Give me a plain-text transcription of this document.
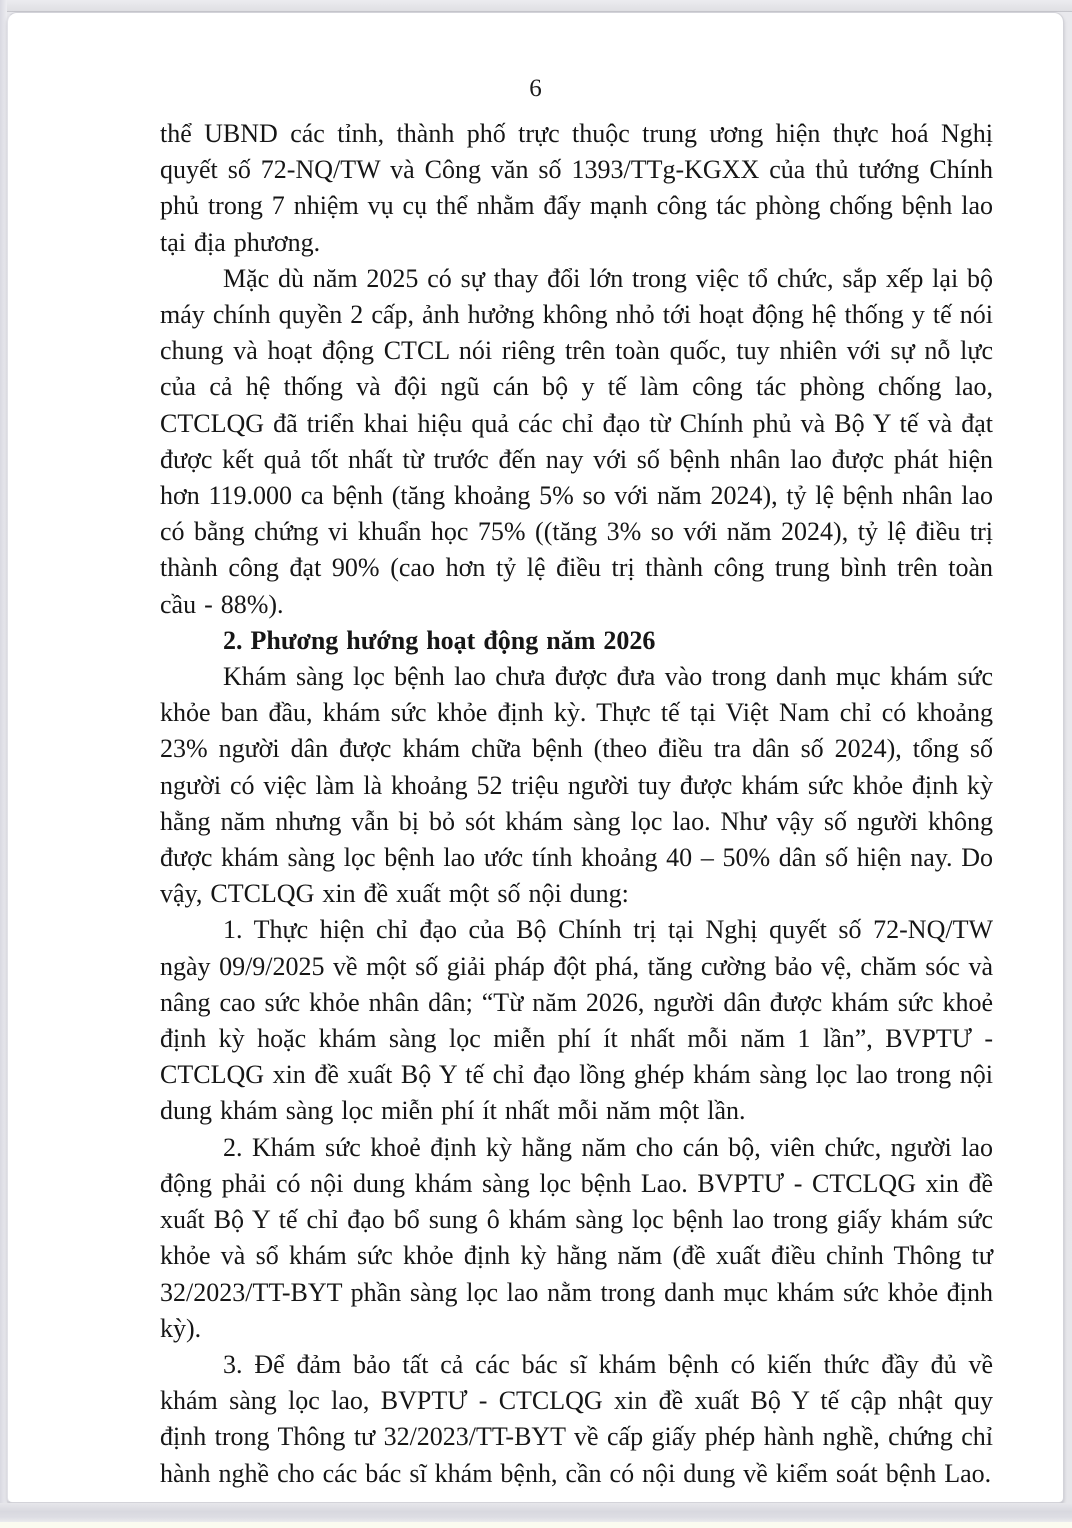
6

thể UBND các tỉnh, thành phố trực thuộc trung ương hiện thực hoá Nghị quyết số 72-NQ/TW và Công văn số 1393/TTg-KGXX của thủ tướng Chính phủ trong 7 nhiệm vụ cụ thể nhằm đẩy mạnh công tác phòng chống bệnh lao tại địa phương.

Mặc dù năm 2025 có sự thay đổi lớn trong việc tổ chức, sắp xếp lại bộ máy chính quyền 2 cấp, ảnh hưởng không nhỏ tới hoạt động hệ thống y tế nói chung và hoạt động CTCL nói riêng trên toàn quốc, tuy nhiên với sự nỗ lực của cả hệ thống và đội ngũ cán bộ y tế làm công tác phòng chống lao, CTCLQG đã triển khai hiệu quả các chỉ đạo từ Chính phủ và Bộ Y tế và đạt được kết quả tốt nhất từ trước đến nay với số bệnh nhân lao được phát hiện hơn 119.000 ca bệnh (tăng khoảng 5% so với năm 2024), tỷ lệ bệnh nhân lao có bằng chứng vi khuẩn học 75% ((tăng 3% so với năm 2024), tỷ lệ điều trị thành công đạt 90% (cao hơn tỷ lệ điều trị thành công trung bình trên toàn cầu - 88%).

2. Phương hướng hoạt động năm 2026

Khám sàng lọc bệnh lao chưa được đưa vào trong danh mục khám sức khỏe ban đầu, khám sức khỏe định kỳ. Thực tế tại Việt Nam chỉ có khoảng 23% người dân được khám chữa bệnh (theo điều tra dân số 2024), tổng số người có việc làm là khoảng 52 triệu người tuy được khám sức khỏe định kỳ hằng năm nhưng vẫn bị bỏ sót khám sàng lọc lao. Như vậy số người không được khám sàng lọc bệnh lao ước tính khoảng 40 – 50% dân số hiện nay. Do vậy, CTCLQG xin đề xuất một số nội dung:

1. Thực hiện chỉ đạo của Bộ Chính trị tại Nghị quyết số 72-NQ/TW ngày 09/9/2025 về một số giải pháp đột phá, tăng cường bảo vệ, chăm sóc và nâng cao sức khỏe nhân dân; “Từ năm 2026, người dân được khám sức khoẻ định kỳ hoặc khám sàng lọc miễn phí ít nhất mỗi năm 1 lần”, BVPTƯ - CTCLQG xin đề xuất Bộ Y tế chỉ đạo lồng ghép khám sàng lọc lao trong nội dung khám sàng lọc miễn phí ít nhất mỗi năm một lần.

2. Khám sức khoẻ định kỳ hằng năm cho cán bộ, viên chức, người lao động phải có nội dung khám sàng lọc bệnh Lao. BVPTƯ - CTCLQG xin đề xuất Bộ Y tế chỉ đạo bổ sung ô khám sàng lọc bệnh lao trong giấy khám sức khỏe và sổ khám sức khỏe định kỳ hằng năm (đề xuất điều chỉnh Thông tư 32/2023/TT-BYT phần sàng lọc lao nằm trong danh mục khám sức khỏe định kỳ).

3. Để đảm bảo tất cả các bác sĩ khám bệnh có kiến thức đầy đủ về khám sàng lọc lao, BVPTƯ - CTCLQG xin đề xuất Bộ Y tế cập nhật quy định trong Thông tư 32/2023/TT-BYT về cấp giấy phép hành nghề, chứng chỉ hành nghề cho các bác sĩ khám bệnh, cần có nội dung về kiểm soát bệnh Lao.
